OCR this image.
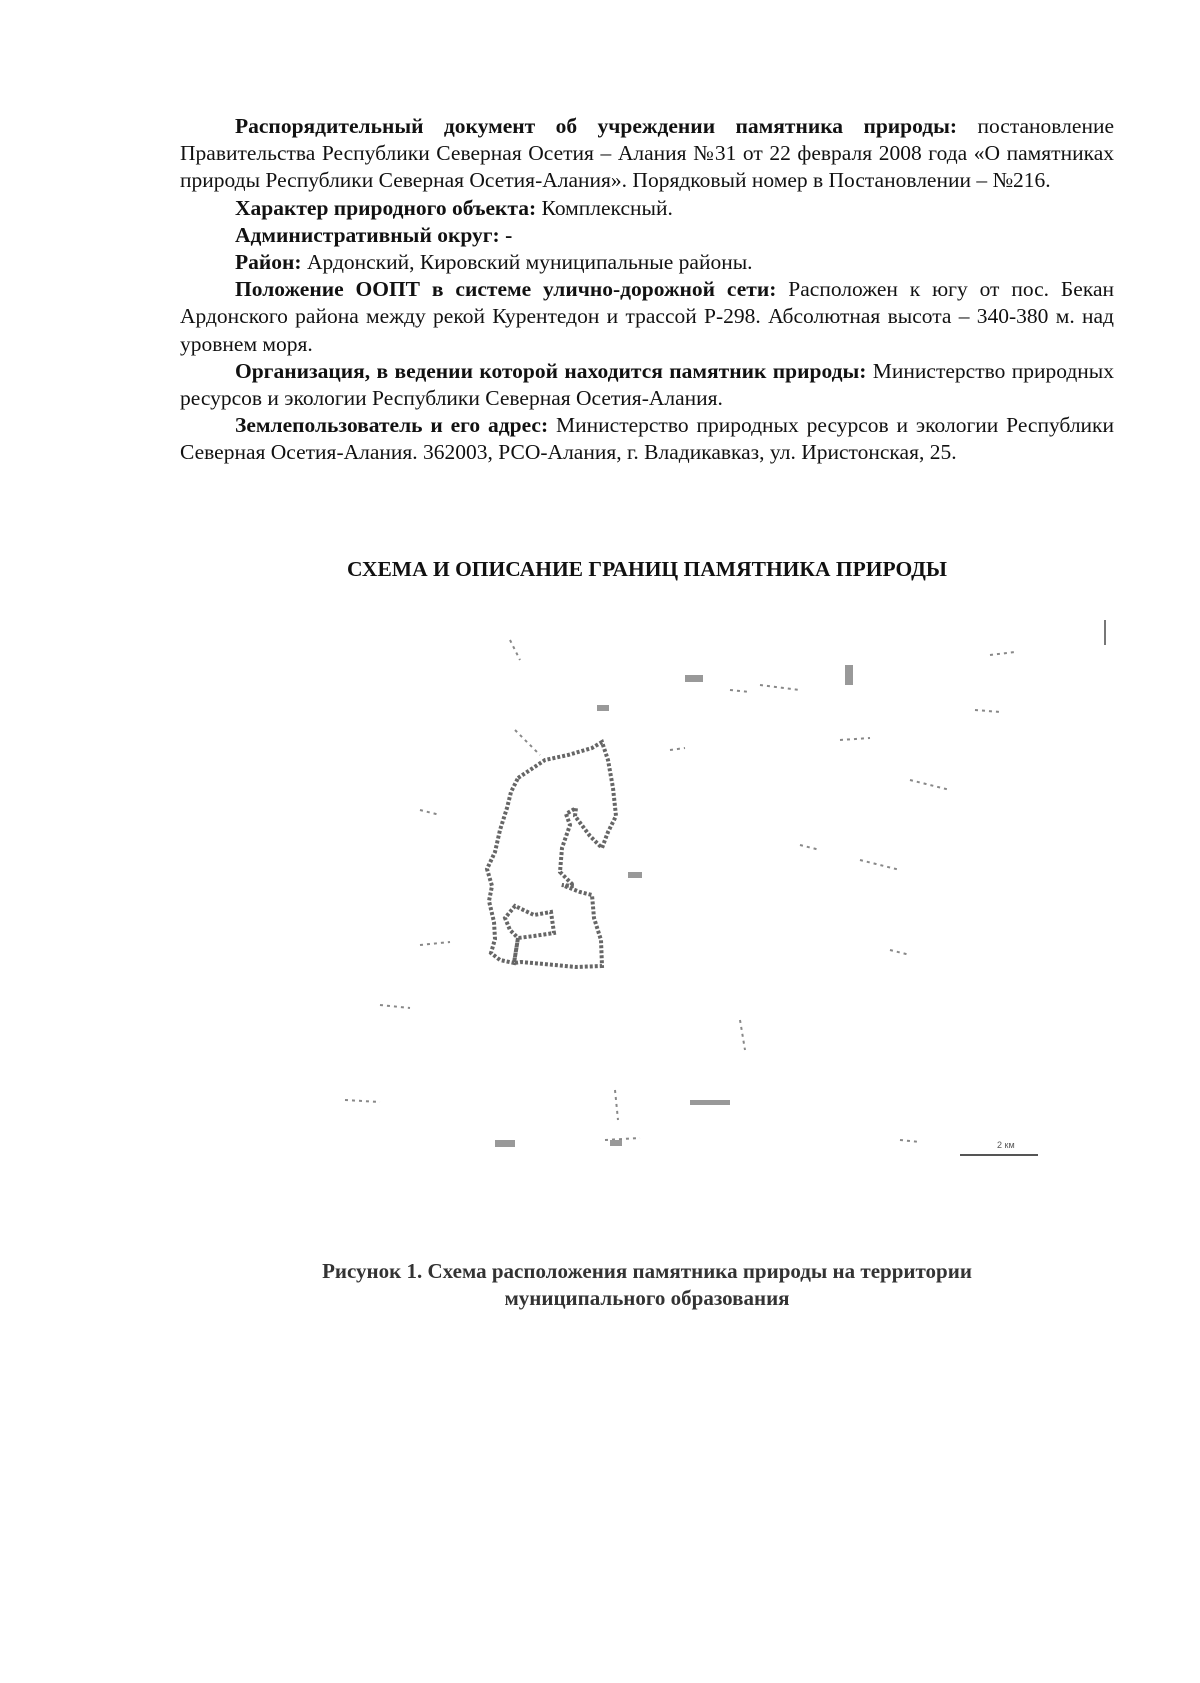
Распорядительный документ об учреждении памятника природы: постановление Правительства Республики Северная Осетия – Алания №31 от 22 февраля 2008 года «О памятниках природы Республики Северная Осетия-Алания». Порядковый номер в Постановлении – №216.

Характер природного объекта: Комплексный.

Административный округ: -

Район: Ардонский, Кировский муниципальные районы.

Положение ООПТ в системе улично-дорожной сети: Расположен к югу от пос. Бекан Ардонского района между рекой Курентедон и трассой Р-298. Абсолютная высота – 340-380 м. над уровнем моря.

Организация, в ведении которой находится памятник природы: Министерство природных ресурсов и экологии Республики Северная Осетия-Алания.

Землепользователь и его адрес: Министерство природных ресурсов и экологии Республики Северная Осетия-Алания. 362003, РСО-Алания, г. Владикавказ, ул. Иристонская, 25.

СХЕМА И ОПИСАНИЕ ГРАНИЦ ПАМЯТНИКА ПРИРОДЫ
2 км
Рисунок 1. Схема расположения памятника природы на территории
муниципального образования
